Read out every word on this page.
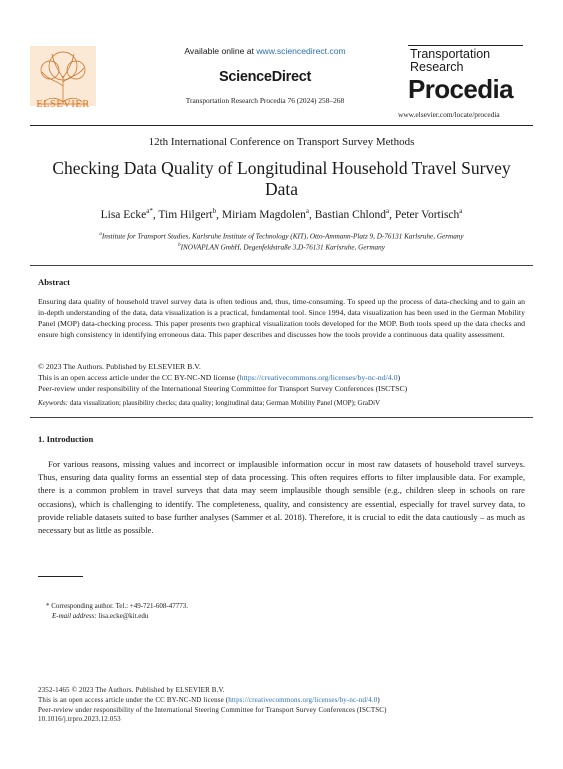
ELSEVIER
Available online at www.sciencedirect.com
ScienceDirect
Transportation Research Procedia 76 (2024) 258–268
Transportation
Research
Procedia
www.elsevier.com/locate/procedia
12th International Conference on Transport Survey Methods
Checking Data Quality of Longitudinal Household Travel Survey Data
Lisa Ecke$^{a*}$, Tim Hilgert$^b$, Miriam Magdolen$^a$, Bastian Chlond$^a$, Peter Vortisch$^a$
$^a$Institute for Transport Studies, Karlsruhe Institute of Technology (KIT), Otto-Ammann-Platz 9, D-76131 Karlsruhe, Germany
$^b$INOVAPLAN GmbH, Degenfeldstraße 3,D-76131 Karlsruhe, Germany
Abstract
Ensuring data quality of household travel survey data is often tedious and, thus, time-consuming. To speed up the process of data-checking and to gain an in-depth understanding of the data, data visualization is a practical, fundamental tool. Since 1994, data visualization has been used in the German Mobility Panel (MOP) data-checking process. This paper presents two graphical visualization tools developed for the MOP. Both tools speed up the data checks and ensure high consistency in identifying erroneous data. This paper describes and discusses how the tools provide a continuous data quality assessment.
© 2023 The Authors. Published by ELSEVIER B.V.
This is an open access article under the CC BY-NC-ND license (https://creativecommons.org/licenses/by-nc-nd/4.0)
Peer-review under responsibility of the International Steering Committee for Transport Survey Conferences (ISCTSC)
Keywords: data visualization; plausibility checks; data quality; longitudinal data; German Mobility Panel (MOP); GraDiV
1. Introduction
For various reasons, missing values and incorrect or implausible information occur in most raw datasets of household travel surveys. Thus, ensuring data quality forms an essential step of data processing. This often requires efforts to filter implausible data. For example, there is a common problem in travel surveys that data may seem implausible though sensible (e.g., children sleep in schools on rare occasions), which is challenging to identify. The completeness, quality, and consistency are essential, especially for travel survey data, to provide reliable datasets suited to base further analyses (Sammer et al. 2018). Therefore, it is crucial to edit the data cautiously – as much as necessary but as little as possible.
* Corresponding author. Tel.: +49-721-608-47773.
E-mail address: lisa.ecke@kit.edu
2352-1465 © 2023 The Authors. Published by ELSEVIER B.V.
This is an open access article under the CC BY-NC-ND license (https://creativecommons.org/licenses/by-nc-nd/4.0)
Peer-review under responsibility of the International Steering Committee for Transport Survey Conferences (ISCTSC)
10.1016/j.trpro.2023.12.053
